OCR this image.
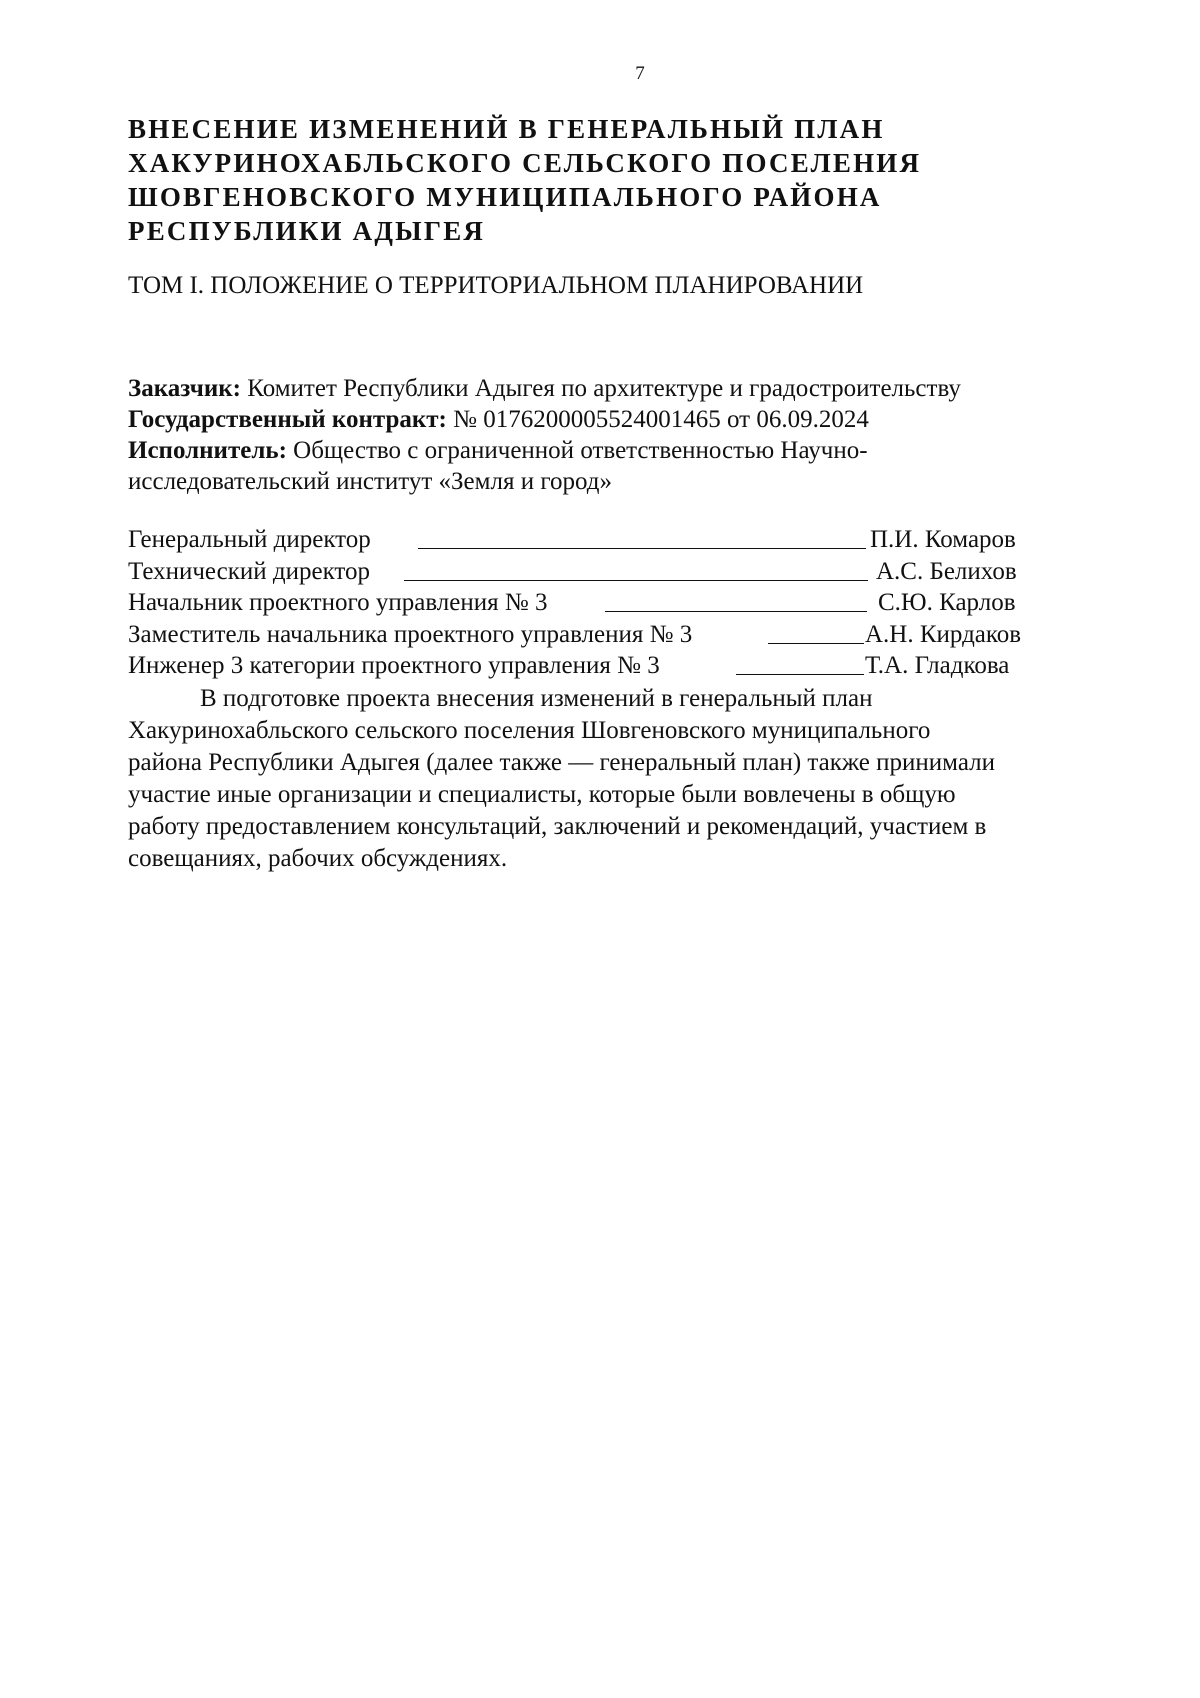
7
ВНЕСЕНИЕ ИЗМЕНЕНИЙ В ГЕНЕРАЛЬНЫЙ ПЛАН
ХАКУРИНОХАБЛЬСКОГО СЕЛЬСКОГО ПОСЕЛЕНИЯ
ШОВГЕНОВСКОГО МУНИЦИПАЛЬНОГО РАЙОНА
РЕСПУБЛИКИ АДЫГЕЯ
ТОМ I. ПОЛОЖЕНИЕ О ТЕРРИТОРИАЛЬНОМ ПЛАНИРОВАНИИ
Заказчик: Комитет Республики Адыгея по архитектуре и градостроительству
Государственный контракт: № 0176200005524001465 от 06.09.2024
Исполнитель: Общество с ограниченной ответственностью Научно-
исследовательский институт «Земля и город»
Генеральный директор	П.И. Комаров
Технический директор	А.С. Белихов
Начальник проектного управления № 3	С.Ю. Карлов
Заместитель начальника проектного управления № 3	А.Н. Кирдаков
Инженер 3 категории проектного управления № 3	Т.А. Гладкова
В подготовке проекта внесения изменений в генеральный план
Хакуринохабльского сельского поселения Шовгеновского муниципального
района Республики Адыгея (далее также — генеральный план) также принимали
участие иные организации и специалисты, которые были вовлечены в общую
работу предоставлением консультаций, заключений и рекомендаций, участием в
совещаниях, рабочих обсуждениях.
